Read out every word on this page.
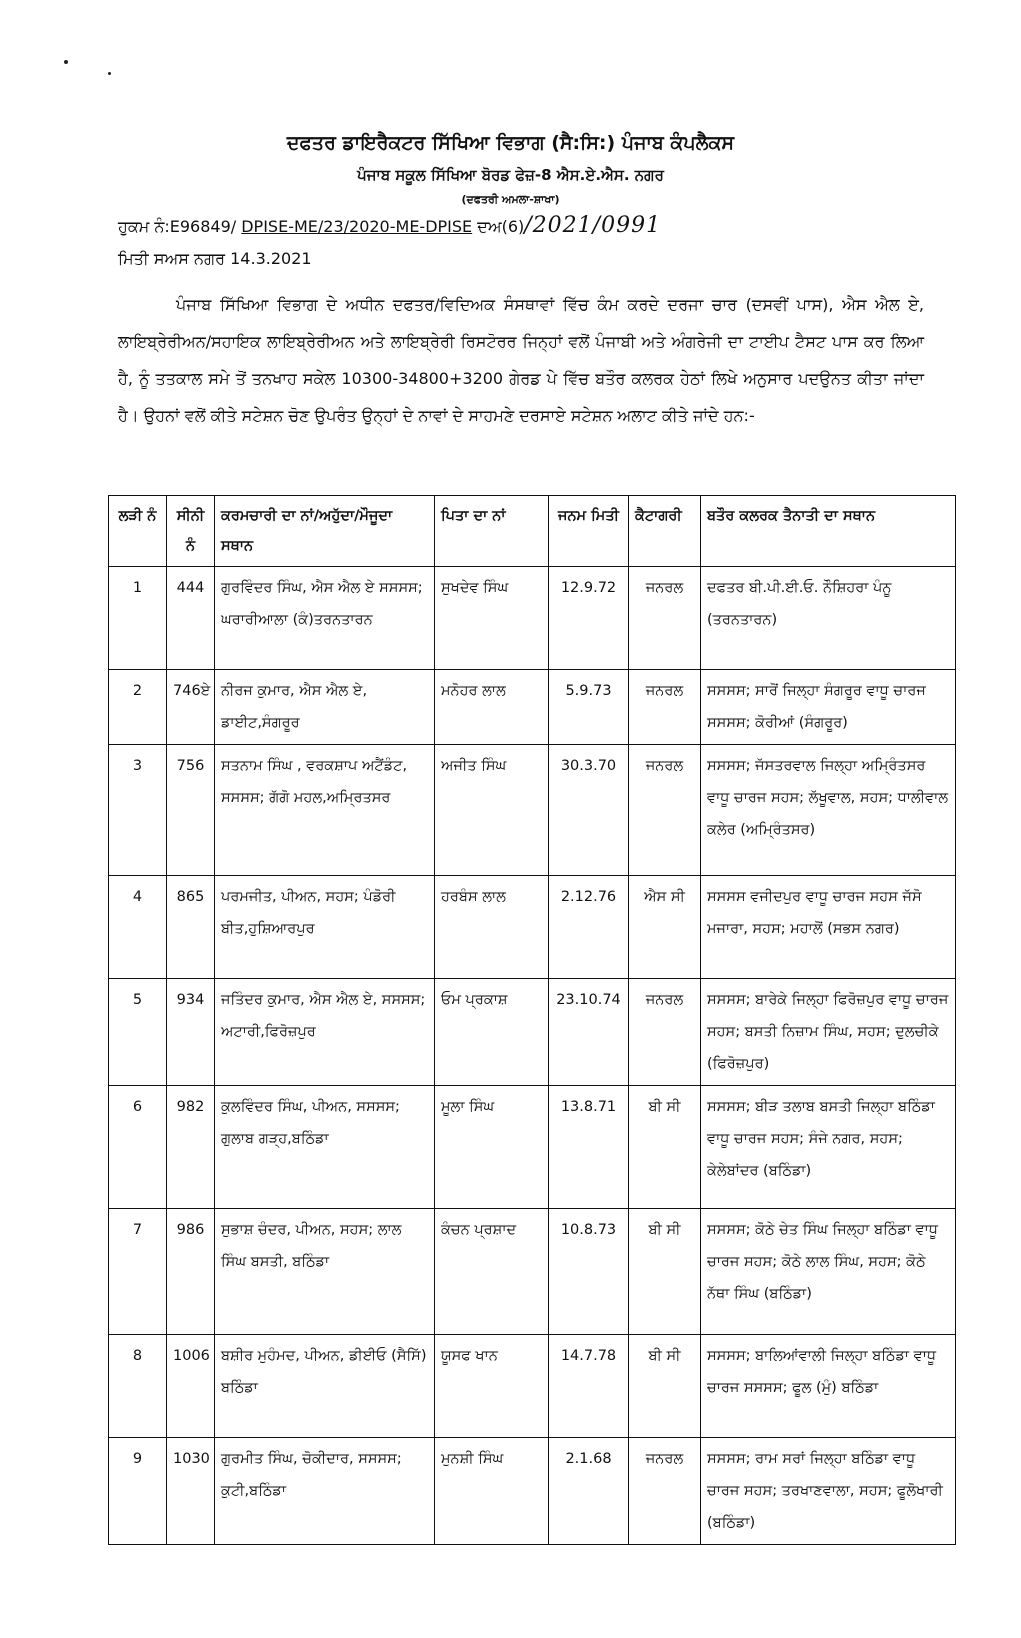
ਦਫਤਰ ਡਾਇਰੈਕਟਰ ਸਿੱਖਿਆ ਵਿਭਾਗ (ਸੈ:ਸਿ:) ਪੰਜਾਬ ਕੰਪਲੈਕਸ
ਪੰਜਾਬ ਸਕੂਲ ਸਿੱਖਿਆ ਬੋਰਡ ਫੇਜ਼-8 ਐਸ.ਏ.ਐਸ. ਨਗਰ
(ਦਫਤਰੀ ਅਮਲਾ-ਸ਼ਾਖਾ)
ਹੁਕਮ ਨੰ:E96849/ DPISE-ME/23/2020-ME-DPISE ਦਅ(6)/2021/0991
ਮਿਤੀ ਸਅਸ ਨਗਰ 14.3.2021
ਪੰਜਾਬ ਸਿੱਖਿਆ ਵਿਭਾਗ ਦੇ ਅਧੀਨ ਦਫਤਰ/ਵਿਦਿਅਕ ਸੰਸਥਾਵਾਂ ਵਿੱਚ ਕੰਮ ਕਰਦੇ ਦਰਜਾ ਚਾਰ (ਦਸਵੀਂ ਪਾਸ), ਐਸ ਐਲ ਏ, ਲਾਇਬ੍ਰੇਰੀਅਨ/ਸਹਾਇਕ ਲਾਇਬ੍ਰੇਰੀਅਨ ਅਤੇ ਲਾਇਬ੍ਰੇਰੀ ਰਿਸਟੋਰਰ ਜਿਨ੍ਹਾਂ ਵਲੋਂ ਪੰਜਾਬੀ ਅਤੇ ਅੰਗਰੇਜੀ ਦਾ ਟਾਈਪ ਟੈਸਟ ਪਾਸ ਕਰ ਲਿਆ ਹੈ, ਨੂੰ ਤਤਕਾਲ ਸਮੇ ਤੋਂ ਤਨਖਾਹ ਸਕੇਲ 10300-34800+3200 ਗੇਰਡ ਪੇ ਵਿੱਚ ਬਤੌਰ ਕਲਰਕ ਹੇਠਾਂ ਲਿਖੇ ਅਨੁਸਾਰ ਪਦਉਨਤ ਕੀਤਾ ਜਾਂਦਾ ਹੈ। ਉਹਨਾਂ ਵਲੋਂ ਕੀਤੇ ਸਟੇਸ਼ਨ ਚੋਣ ਉਪਰੰਤ ਉਨ੍ਹਾਂ ਦੇ ਨਾਵਾਂ ਦੇ ਸਾਹਮਣੇ ਦਰਸਾਏ ਸਟੇਸ਼ਨ ਅਲਾਟ ਕੀਤੇ ਜਾਂਦੇ ਹਨ:-
ਲੜੀ ਨੰ	ਸੀਨੀ ਨੰ	ਕਰਮਚਾਰੀ ਦਾ ਨਾਂ/ਅਹੁੱਦਾ/ਮੌਜੂਦਾ ਸਥਾਨ	ਪਿਤਾ ਦਾ ਨਾਂ	ਜਨਮ ਮਿਤੀ	ਕੈਟਾਗਰੀ	ਬਤੌਰ ਕਲਰਕ ਤੈਨਾਤੀ ਦਾ ਸਥਾਨ
1	444	ਗੁਰਵਿੰਦਰ ਸਿੰਘ, ਐਸ ਐਲ ਏ ਸਸਸਸ; ਘਰਾਰੀਆਲਾ (ਕੰ)ਤਰਨਤਾਰਨ	ਸੁਖਦੇਵ ਸਿੰਘ	12.9.72	ਜਨਰਲ	ਦਫਤਰ ਬੀ.ਪੀ.ਈ.ਓ. ਨੌਸ਼ਿਹਰਾ ਪੰਨੂ (ਤਰਨਤਾਰਨ)
2	746ਏ	ਨੀਰਜ ਕੁਮਾਰ, ਐਸ ਐਲ ਏ, ਡਾਈਟ,ਸੰਗਰੂਰ	ਮਨੋਹਰ ਲਾਲ	5.9.73	ਜਨਰਲ	ਸਸਸਸ; ਸਾਰੋਂ ਜਿਲ੍ਹਾ ਸੰਗਰੂਰ ਵਾਧੂ ਚਾਰਜ ਸਸਸਸ; ਕੋਰੀਆਂ (ਸੰਗਰੂਰ)
3	756	ਸਤਨਾਮ ਸਿੰਘ , ਵਰਕਸ਼ਾਪ ਅਟੈਂਡੰਟ, ਸਸਸਸ; ਗੱਗੋ ਮਹਲ,ਅਮ੍ਰਿਤਸਰ	ਅਜੀਤ ਸਿੰਘ	30.3.70	ਜਨਰਲ	ਸਸਸਸ; ਜੱਸਤਰਵਾਲ ਜਿਲ੍ਹਾ ਅਮ੍ਰਿੰਤਸਰ ਵਾਧੂ ਚਾਰਜ ਸਹਸ; ਲੱਖੂਵਾਲ, ਸਹਸ; ਧਾਲੀਵਾਲ ਕਲੇਰ (ਅਮ੍ਰਿੰਤਸਰ)
4	865	ਪਰਮਜੀਤ, ਪੀਅਨ, ਸਹਸ; ਪੰਡੋਰੀ ਬੀਤ,ਹੁਸ਼ਿਆਰਪੁਰ	ਹਰਬੰਸ ਲਾਲ	2.12.76	ਐਸ ਸੀ	ਸਸਸਸ ਵਜੀਦਪੁਰ ਵਾਧੂ ਚਾਰਜ ਸਹਸ ਜੱਸੋ ਮਜਾਰਾ, ਸਹਸ; ਮਹਾਲੋਂ (ਸਭਸ ਨਗਰ)
5	934	ਜਤਿੰਦਰ ਕੁਮਾਰ, ਐਸ ਐਲ ਏ, ਸਸਸਸ; ਅਟਾਰੀ,ਫਿਰੋਜ਼ਪੁਰ	ਓਮ ਪ੍ਰਕਾਸ਼	23.10.74	ਜਨਰਲ	ਸਸਸਸ; ਬਾਰੇਕੇ ਜਿਲ੍ਹਾ ਫਿਰੋਜ਼ਪੁਰ ਵਾਧੂ ਚਾਰਜ ਸਹਸ; ਬਸਤੀ ਨਿਜ਼ਾਮ ਸਿੰਘ, ਸਹਸ; ਦੁਲਚੀਕੇ (ਫਿਰੋਜ਼ਪੁਰ)
6	982	ਕੁਲਵਿੰਦਰ ਸਿੰਘ, ਪੀਅਨ, ਸਸਸਸ; ਗੁਲਾਬ ਗੜ੍ਹ,ਬਠਿੰਡਾ	ਮੂਲਾ ਸਿੰਘ	13.8.71	ਬੀ ਸੀ	ਸਸਸਸ; ਬੀੜ ਤਲਾਬ ਬਸਤੀ ਜਿਲ੍ਹਾ ਬਠਿੰਡਾ ਵਾਧੂ ਚਾਰਜ ਸਹਸ; ਸੰਜੇ ਨਗਰ, ਸਹਸ; ਕੇਲੇਬਾਂਦਰ (ਬਠਿੰਡਾ)
7	986	ਸੁਭਾਸ਼ ਚੰਦਰ, ਪੀਅਨ, ਸਹਸ; ਲਾਲ ਸਿੰਘ ਬਸਤੀ, ਬਠਿੰਡਾ	ਕੰਚਨ ਪ੍ਰਸ਼ਾਦ	10.8.73	ਬੀ ਸੀ	ਸਸਸਸ; ਕੋਠੇ ਚੇਤ ਸਿੰਘ ਜਿਲ੍ਹਾ ਬਠਿੰਡਾ ਵਾਧੂ ਚਾਰਜ ਸਹਸ; ਕੋਠੇ ਲਾਲ ਸਿੰਘ, ਸਹਸ; ਕੋਠੇ ਨੱਥਾ ਸਿੰਘ (ਬਠਿੰਡਾ)
8	1006	ਬਸ਼ੀਰ ਮੁਹੰਮਦ, ਪੀਅਨ, ਡੀਈਓ (ਸੈਸਿੱ) ਬਠਿੰਡਾ	ਯੂਸਫ ਖਾਨ	14.7.78	ਬੀ ਸੀ	ਸਸਸਸ; ਬਾਲਿਆਂਵਾਲੀ ਜਿਲ੍ਹਾ ਬਠਿੰਡਾ ਵਾਧੂ ਚਾਰਜ ਸਸਸਸ; ਫੂਲ (ਮੁੰ) ਬਠਿੰਡਾ
9	1030	ਗੁਰਮੀਤ ਸਿੰਘ, ਚੋਕੀਦਾਰ, ਸਸਸਸ; ਕੁਟੀ,ਬਠਿੰਡਾ	ਮੁਨਸ਼ੀ ਸਿੰਘ	2.1.68	ਜਨਰਲ	ਸਸਸਸ; ਰਾਮ ਸਰਾਂ ਜਿਲ੍ਹਾ ਬਠਿੰਡਾ ਵਾਧੂ ਚਾਰਜ ਸਹਸ; ਤਰਖਾਣਵਾਲਾ, ਸਹਸ; ਫੂਲੋਖਾਰੀ (ਬਠਿੰਡਾ)
